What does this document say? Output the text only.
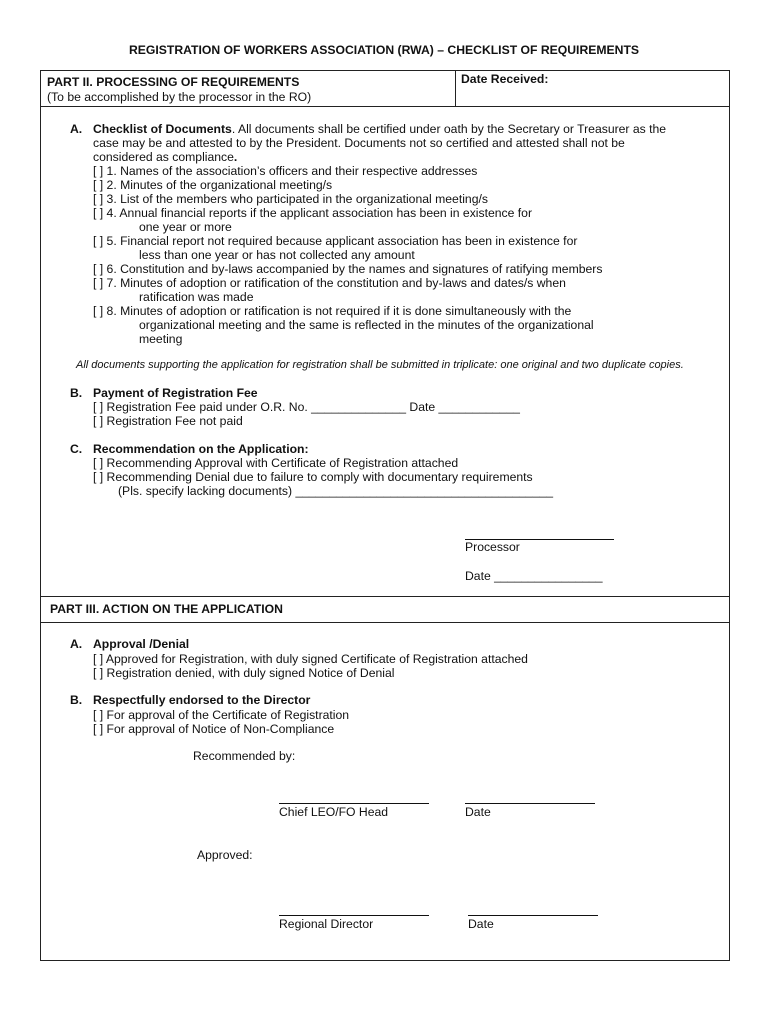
REGISTRATION OF WORKERS ASSOCIATION (RWA) – CHECKLIST OF REQUIREMENTS
PART II. PROCESSING OF REQUIREMENTS
(To be accomplished by the processor in the RO)
Date Received:
A. Checklist of Documents. All documents shall be certified under oath by the Secretary or Treasurer as the
case may be and attested to by the President. Documents not so certified and attested shall not be
considered as compliance.
[ ] 1. Names of the association’s officers and their respective addresses
[ ] 2. Minutes of the organizational meeting/s
[ ] 3. List of the members who participated in the organizational meeting/s
[ ] 4. Annual financial reports if the applicant association has been in existence for
one year or more
[ ] 5. Financial report not required because applicant association has been in existence for
less than one year or has not collected any amount
[ ] 6. Constitution and by-laws accompanied by the names and signatures of ratifying members
[ ] 7. Minutes of adoption or ratification of the constitution and by-laws and dates/s when
ratification was made
[ ] 8. Minutes of adoption or ratification is not required if it is done simultaneously with the
organizational meeting and the same is reflected in the minutes of the organizational
meeting
All documents supporting the application for registration shall be submitted in triplicate: one original and two duplicate copies.
B. Payment of Registration Fee
[ ] Registration Fee paid under O.R. No. ______________ Date ____________
[ ] Registration Fee not paid
C. Recommendation on the Application:
[ ] Recommending Approval with Certificate of Registration attached
[ ] Recommending Denial due to failure to comply with documentary requirements
(Pls. specify lacking documents) ______________________________________
Processor
Date ________________
PART III. ACTION ON THE APPLICATION
A. Approval /Denial
[ ] Approved for Registration, with duly signed Certificate of Registration attached
[ ] Registration denied, with duly signed Notice of Denial
B. Respectfully endorsed to the Director
[ ] For approval of the Certificate of Registration
[ ] For approval of Notice of Non-Compliance
Recommended by:
Chief LEO/FO Head	Date
Approved:
Regional Director	Date
